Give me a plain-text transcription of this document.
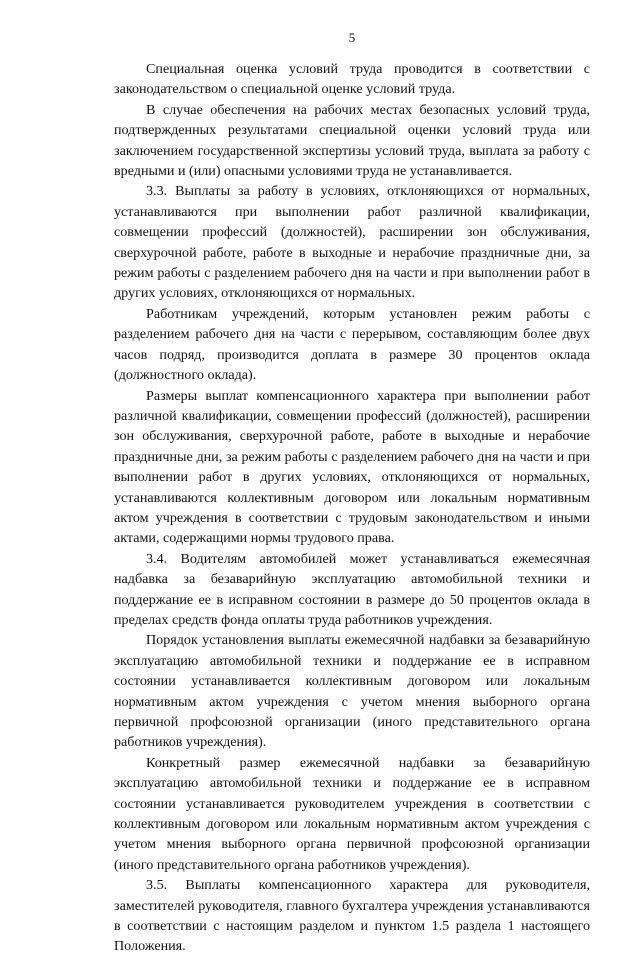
5

Специальная оценка условий труда проводится в соответствии с законодательством о специальной оценке условий труда.

В случае обеспечения на рабочих местах безопасных условий труда, подтвержденных результатами специальной оценки условий труда или заключением государственной экспертизы условий труда, выплата за работу с вредными и (или) опасными условиями труда не устанавливается.

3.3. Выплаты за работу в условиях, отклоняющихся от нормальных, устанавливаются при выполнении работ различной квалификации, совмещении профессий (должностей), расширении зон обслуживания, сверхурочной работе, работе в выходные и нерабочие праздничные дни, за режим работы с разделением рабочего дня на части и при выполнении работ в других условиях, отклоняющихся от нормальных.

Работникам учреждений, которым установлен режим работы с разделением рабочего дня на части с перерывом, составляющим более двух часов подряд, производится доплата в размере 30 процентов оклада (должностного оклада).

Размеры выплат компенсационного характера при выполнении работ различной квалификации, совмещении профессий (должностей), расширении зон обслуживания, сверхурочной работе, работе в выходные и нерабочие праздничные дни, за режим работы с разделением рабочего дня на части и при выполнении работ в других условиях, отклоняющихся от нормальных, устанавливаются коллективным договором или локальным нормативным актом учреждения в соответствии с трудовым законодательством и иными актами, содержащими нормы трудового права.

3.4. Водителям автомобилей может устанавливаться ежемесячная надбавка за безаварийную эксплуатацию автомобильной техники и поддержание ее в исправном состоянии в размере до 50 процентов оклада в пределах средств фонда оплаты труда работников учреждения.

Порядок установления выплаты ежемесячной надбавки за безаварийную эксплуатацию автомобильной техники и поддержание ее в исправном состоянии устанавливается коллективным договором или локальным нормативным актом учреждения с учетом мнения выборного органа первичной профсоюзной организации (иного представительного органа работников учреждения).

Конкретный размер ежемесячной надбавки за безаварийную эксплуатацию автомобильной техники и поддержание ее в исправном состоянии устанавливается руководителем учреждения в соответствии с коллективным договором или локальным нормативным актом учреждения с учетом мнения выборного органа первичной профсоюзной организации (иного представительного органа работников учреждения).

3.5. Выплаты компенсационного характера для руководителя, заместителей руководителя, главного бухгалтера учреждения устанавливаются в соответствии с настоящим разделом и пунктом 1.5 раздела 1 настоящего Положения.
